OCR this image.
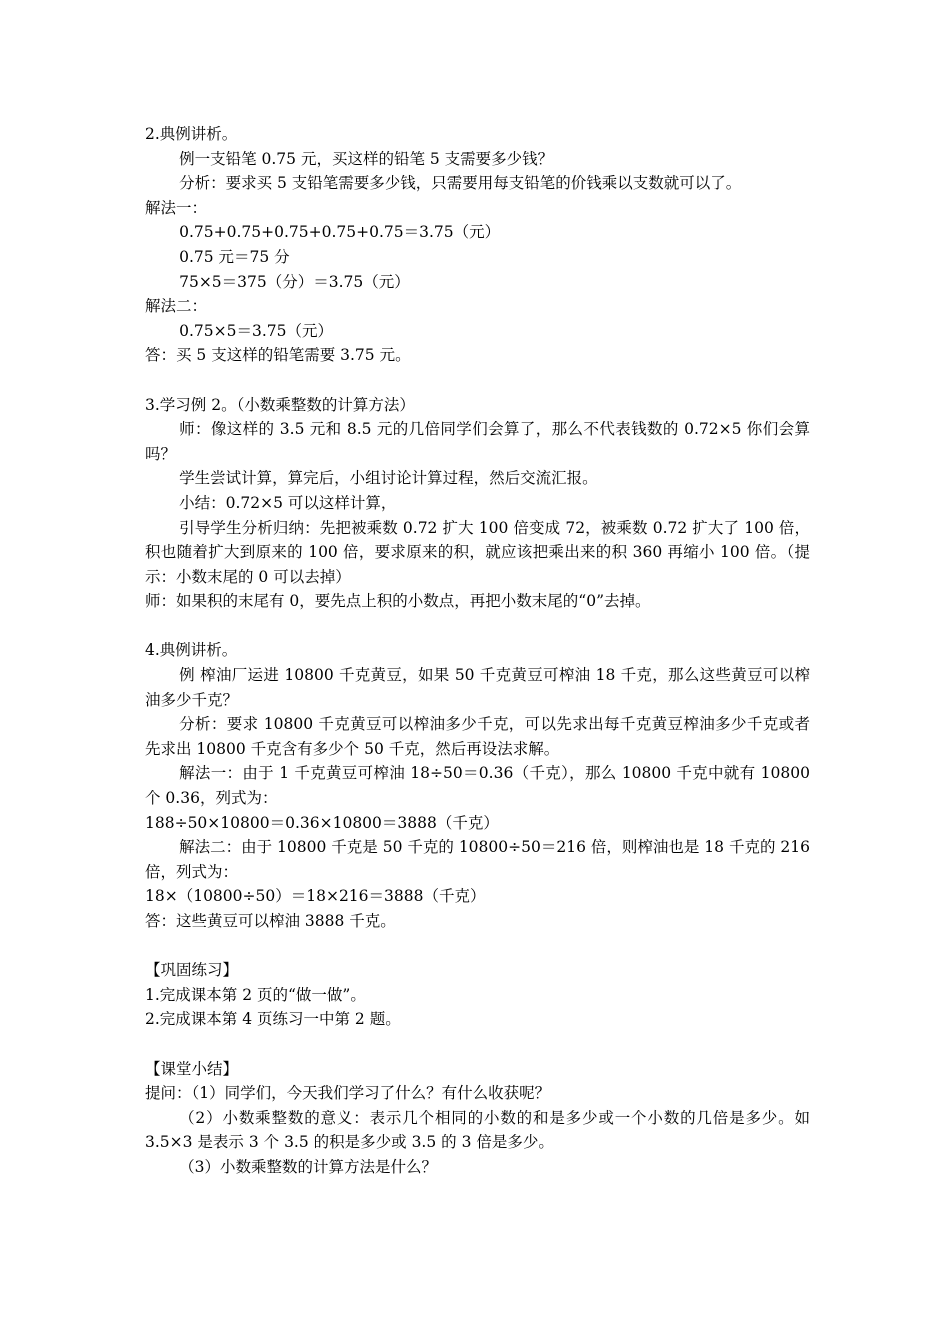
2.典例讲析。
例一支铅笔 0.75 元，买这样的铅笔 5 支需要多少钱？
分析：要求买 5 支铅笔需要多少钱，只需要用每支铅笔的价钱乘以支数就可以了。
解法一：
0.75+0.75+0.75+0.75+0.75＝3.75（元）
0.75 元＝75 分
75×5＝375（分）＝3.75（元）
解法二：
0.75×5＝3.75（元）
答：买 5 支这样的铅笔需要 3.75 元。
3.学习例 2。（小数乘整数的计算方法）
师：像这样的 3.5 元和 8.5 元的几倍同学们会算了，那么不代表钱数的 0.72×5 你们会算吗？
学生尝试计算，算完后，小组讨论计算过程，然后交流汇报。
小结：0.72×5 可以这样计算，
引导学生分析归纳：先把被乘数 0.72 扩大 100 倍变成 72，被乘数 0.72 扩大了 100 倍，积也随着扩大到原来的 100 倍，要求原来的积，就应该把乘出来的积 360 再缩小 100 倍。（提示：小数末尾的 0 可以去掉）
师：如果积的末尾有 0，要先点上积的小数点，再把小数末尾的“0”去掉。
4.典例讲析。
例 榨油厂运进 10800 千克黄豆，如果 50 千克黄豆可榨油 18 千克，那么这些黄豆可以榨油多少千克？
分析：要求 10800 千克黄豆可以榨油多少千克，可以先求出每千克黄豆榨油多少千克或者先求出 10800 千克含有多少个 50 千克，然后再设法求解。
解法一：由于 1 千克黄豆可榨油 18÷50＝0.36（千克），那么 10800 千克中就有 10800 个 0.36，列式为：
188÷50×10800＝0.36×10800＝3888（千克）
解法二：由于 10800 千克是 50 千克的 10800÷50＝216 倍，则榨油也是 18 千克的 216 倍，列式为：
18×（10800÷50）＝18×216＝3888（千克）
答：这些黄豆可以榨油 3888 千克。
【巩固练习】
1.完成课本第 2 页的“做一做”。
2.完成课本第 4 页练习一中第 2 题。
【课堂小结】
提问：（1）同学们，今天我们学习了什么？有什么收获呢？
（2）小数乘整数的意义：表示几个相同的小数的和是多少或一个小数的几倍是多少。如 3.5×3 是表示 3 个 3.5 的积是多少或 3.5 的 3 倍是多少。
（3）小数乘整数的计算方法是什么？
